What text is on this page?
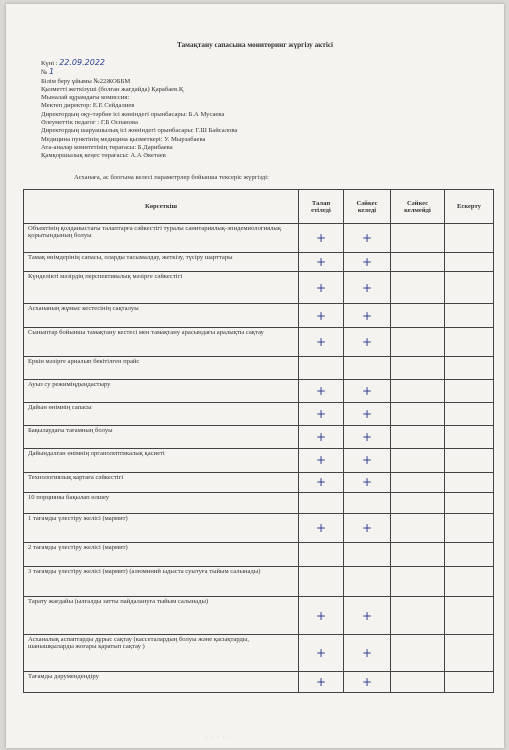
Тамақтану сапасына мониторинг жүргізу актісі
Күні : 22.09.2022
№ 1
Білім беру ұйымы №22ЖОББМ
Қызметті жеткізуші (болған жағдайда) Қарабаев.Қ
Мыналай құрамдағы комиссия:
Мектеп директор: Е.Е Сейдалиев
Директордың оқу-тәрбие ісі жөніндегі орынбасары: Б.А Мусаева
Әлеуметтік педагог : Г.Б Оспанова
Директордың шаруашылық ісі жөніндегі орынбасары: Г.Ш Байсалова
Медицина пунктінің медицина қызметкері: У. Мырзабаева
Ата-аналар комитетінің төрағасы: Б.Дарибаева
Қамқоршылық кеңес төрағасы: А.А Әкетаев
Асханаға, ас блогына келесі параметрлер бойынша тексеріс жүргізді:
Көрсеткіш	Талап етіледі	Сәйкес келеді	Сәйкес келмейді	Ескерту
Объектінің қолданыстағы талаптарға сәйкестігі туралы санитариялық-эпидемиологиялық қорытындының болуы	+	+		
Тамақ өнімдерінің сапасы, оларды тасымалдау, жеткізу, түсіру шарттары	+	+		
Күнделікті мәзірдің перспективалық мәзірге сәйкестігі	+	+		
Асхананың жұмыс кестесінің сақталуы	+	+		
Сыныптар бойынша тамақтану кестесі мен тамақтану арасындағы аралықты сақтау	+	+		
Еркін мәзірге арналып бекітілген прайс				
Ауыз су режиміңдыңдастыру	+	+		
Дайын өнімнің сапасы	+	+		
Бақылаудағы тағамның болуы	+	+		
Дайындалған өнімнің органолептикалық қасиеті	+	+		
Технологиялық картаға сәйкестігі	+	+		
10 порцияны бақылап өлшеу				
1 тағамды үлестіру желісі (мармит)	+	+		
2 тағамды үлестіру желісі (мармит)				
3 тағамды үлестіру желісі (мармит) (алюминий ыдыста суытуға тыйым салынады)				
Тарату жағдайы (ылғалды затты пайдалануға тыйым салынады)	+	+		
Асханалық аспаптарды дұрыс сақтау (кассеталардың болуы және қасықтарды, шанышқыларды жоғары қаратып сақтау )	+	+		
Тағамды дәрумендендіру	+	+		
· · · · ·
